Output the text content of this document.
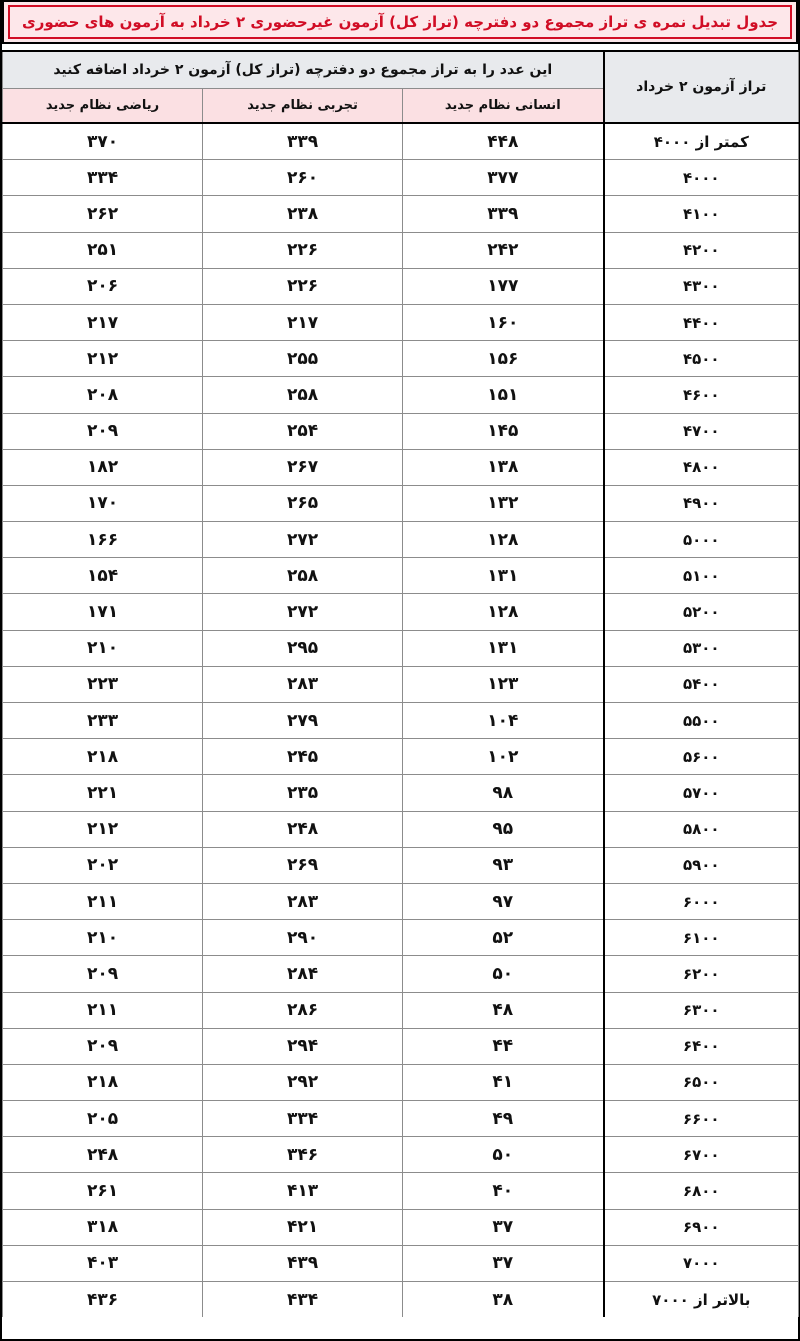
جدول تبدیل نمره ی تراز مجموع دو دفترچه (تراز کل) آزمون غیرحضوری ۲ خرداد به آزمون های حضوری
تراز آزمون ۲ خرداد	این عدد را به تراز مجموع دو دفترچه (تراز کل) آزمون ۲ خرداد اضافه کنید		
	انسانی نظام جدید	تجربی نظام جدید	ریاضی نظام جدید
کمتر از ۴۰۰۰	۴۴۸	۳۳۹	۳۷۰
۴۰۰۰	۳۷۷	۲۶۰	۳۳۴
۴۱۰۰	۳۳۹	۲۳۸	۲۶۲
۴۲۰۰	۲۴۲	۲۲۶	۲۵۱
۴۳۰۰	۱۷۷	۲۲۶	۲۰۶
۴۴۰۰	۱۶۰	۲۱۷	۲۱۷
۴۵۰۰	۱۵۶	۲۵۵	۲۱۲
۴۶۰۰	۱۵۱	۲۵۸	۲۰۸
۴۷۰۰	۱۴۵	۲۵۴	۲۰۹
۴۸۰۰	۱۳۸	۲۶۷	۱۸۲
۴۹۰۰	۱۳۲	۲۶۵	۱۷۰
۵۰۰۰	۱۲۸	۲۷۲	۱۶۶
۵۱۰۰	۱۳۱	۲۵۸	۱۵۴
۵۲۰۰	۱۲۸	۲۷۲	۱۷۱
۵۳۰۰	۱۳۱	۲۹۵	۲۱۰
۵۴۰۰	۱۲۳	۲۸۳	۲۲۳
۵۵۰۰	۱۰۴	۲۷۹	۲۳۳
۵۶۰۰	۱۰۲	۲۴۵	۲۱۸
۵۷۰۰	۹۸	۲۳۵	۲۲۱
۵۸۰۰	۹۵	۲۴۸	۲۱۲
۵۹۰۰	۹۳	۲۶۹	۲۰۲
۶۰۰۰	۹۷	۲۸۳	۲۱۱
۶۱۰۰	۵۲	۲۹۰	۲۱۰
۶۲۰۰	۵۰	۲۸۴	۲۰۹
۶۳۰۰	۴۸	۲۸۶	۲۱۱
۶۴۰۰	۴۴	۲۹۴	۲۰۹
۶۵۰۰	۴۱	۲۹۲	۲۱۸
۶۶۰۰	۴۹	۳۳۴	۲۰۵
۶۷۰۰	۵۰	۳۴۶	۲۴۸
۶۸۰۰	۴۰	۴۱۳	۲۶۱
۶۹۰۰	۳۷	۴۲۱	۳۱۸
۷۰۰۰	۳۷	۴۳۹	۴۰۳
بالاتر از ۷۰۰۰	۳۸	۴۳۴	۴۳۶
